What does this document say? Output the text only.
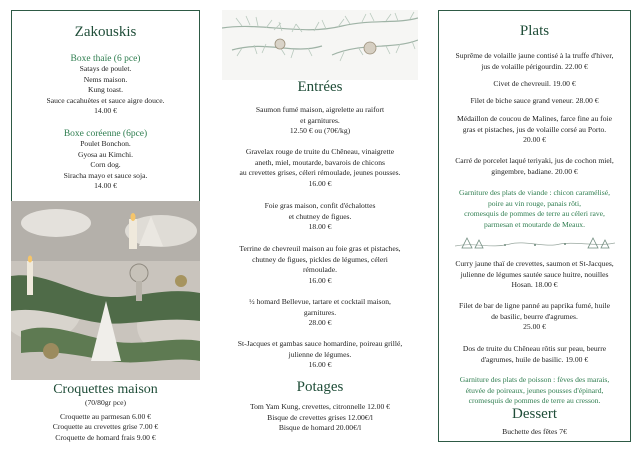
Zakouskis
Boxe thaïe (6 pce)
Satays de poulet.
Nems maison.
Kung toast.
Sauce cacahuètes et sauce aigre douce.
14.00 €
Boxe coréenne (6pce)
Poulet Bonchon.
Gyosa au Kimchi.
Corn dog.
Siracha mayo et sauce soja.
14.00 €
Croquettes maison
(70/80gr pce)
Croquette au parmesan 6.00 €
Croquette au crevettes grise 7.00 €
Croquette de homard frais 9.00 €
Entrées
Saumon fumé maison, aigrelette au raifort
et garnitures.
12.50 € ou (70€/kg)
Gravelax rouge de truite du Chêneau, vinaigrette
aneth, miel, moutarde, bavarois de chicons
au crevettes grises, céleri rémoulade, jeunes pousses.
16.00 €
Foie gras maison, confit d'échalottes
et chutney de figues.
18.00 €
Terrine de chevreuil maison au foie gras et pistaches,
chutney de figues, pickles de légumes, céleri
rémoulade.
16.00 €
½ homard Bellevue, tartare et cocktail maison,
garnitures.
28.00 €
St-Jacques et gambas sauce homardine, poireau grillé,
julienne de légumes.
16.00 €
Potages
Tom Yam Kung, crevettes, citronnelle 12.00 €
Bisque de crevettes grises 12.00€/l
Bisque de homard 20.00€/l
Plats
Suprême de volaille jaune contisé à la truffe d'hiver,
jus de volaille périgourdin. 22.00 €
Civet de chevreuil. 19.00 €
Filet de biche sauce grand veneur. 28.00 €
Médaillon de coucou de Malines, farce fine au foie
gras et pistaches, jus de volaille corsé au Porto.
20.00 €
Carré de porcelet laqué teriyaki, jus de cochon miel,
gingembre, badiane. 20.00 €
Garniture des plats de viande : chicon caramélisé,
poire au vin rouge, panais rôti,
cromesquis de pommes de terre au céleri rave,
parmesan et moutarde de Meaux.
Curry jaune thaï de crevettes, saumon et St-Jacques,
julienne de légumes sautée sauce huitre, nouilles
Hosan. 18.00 €
Filet de bar de ligne panné au paprika fumé, huile
de basilic, beurre d'agrumes.
25.00 €
Dos de truite du Chêneau rôtis sur peau, beurre
d'agrumes, huile de basilic. 19.00 €
Garniture des plats de poisson : fèves des marais,
étuvée de poireaux, jeunes pousses d'épinard,
cromesquis de pommes de terre au cresson.
Dessert
Buchette des fêtes 7€
